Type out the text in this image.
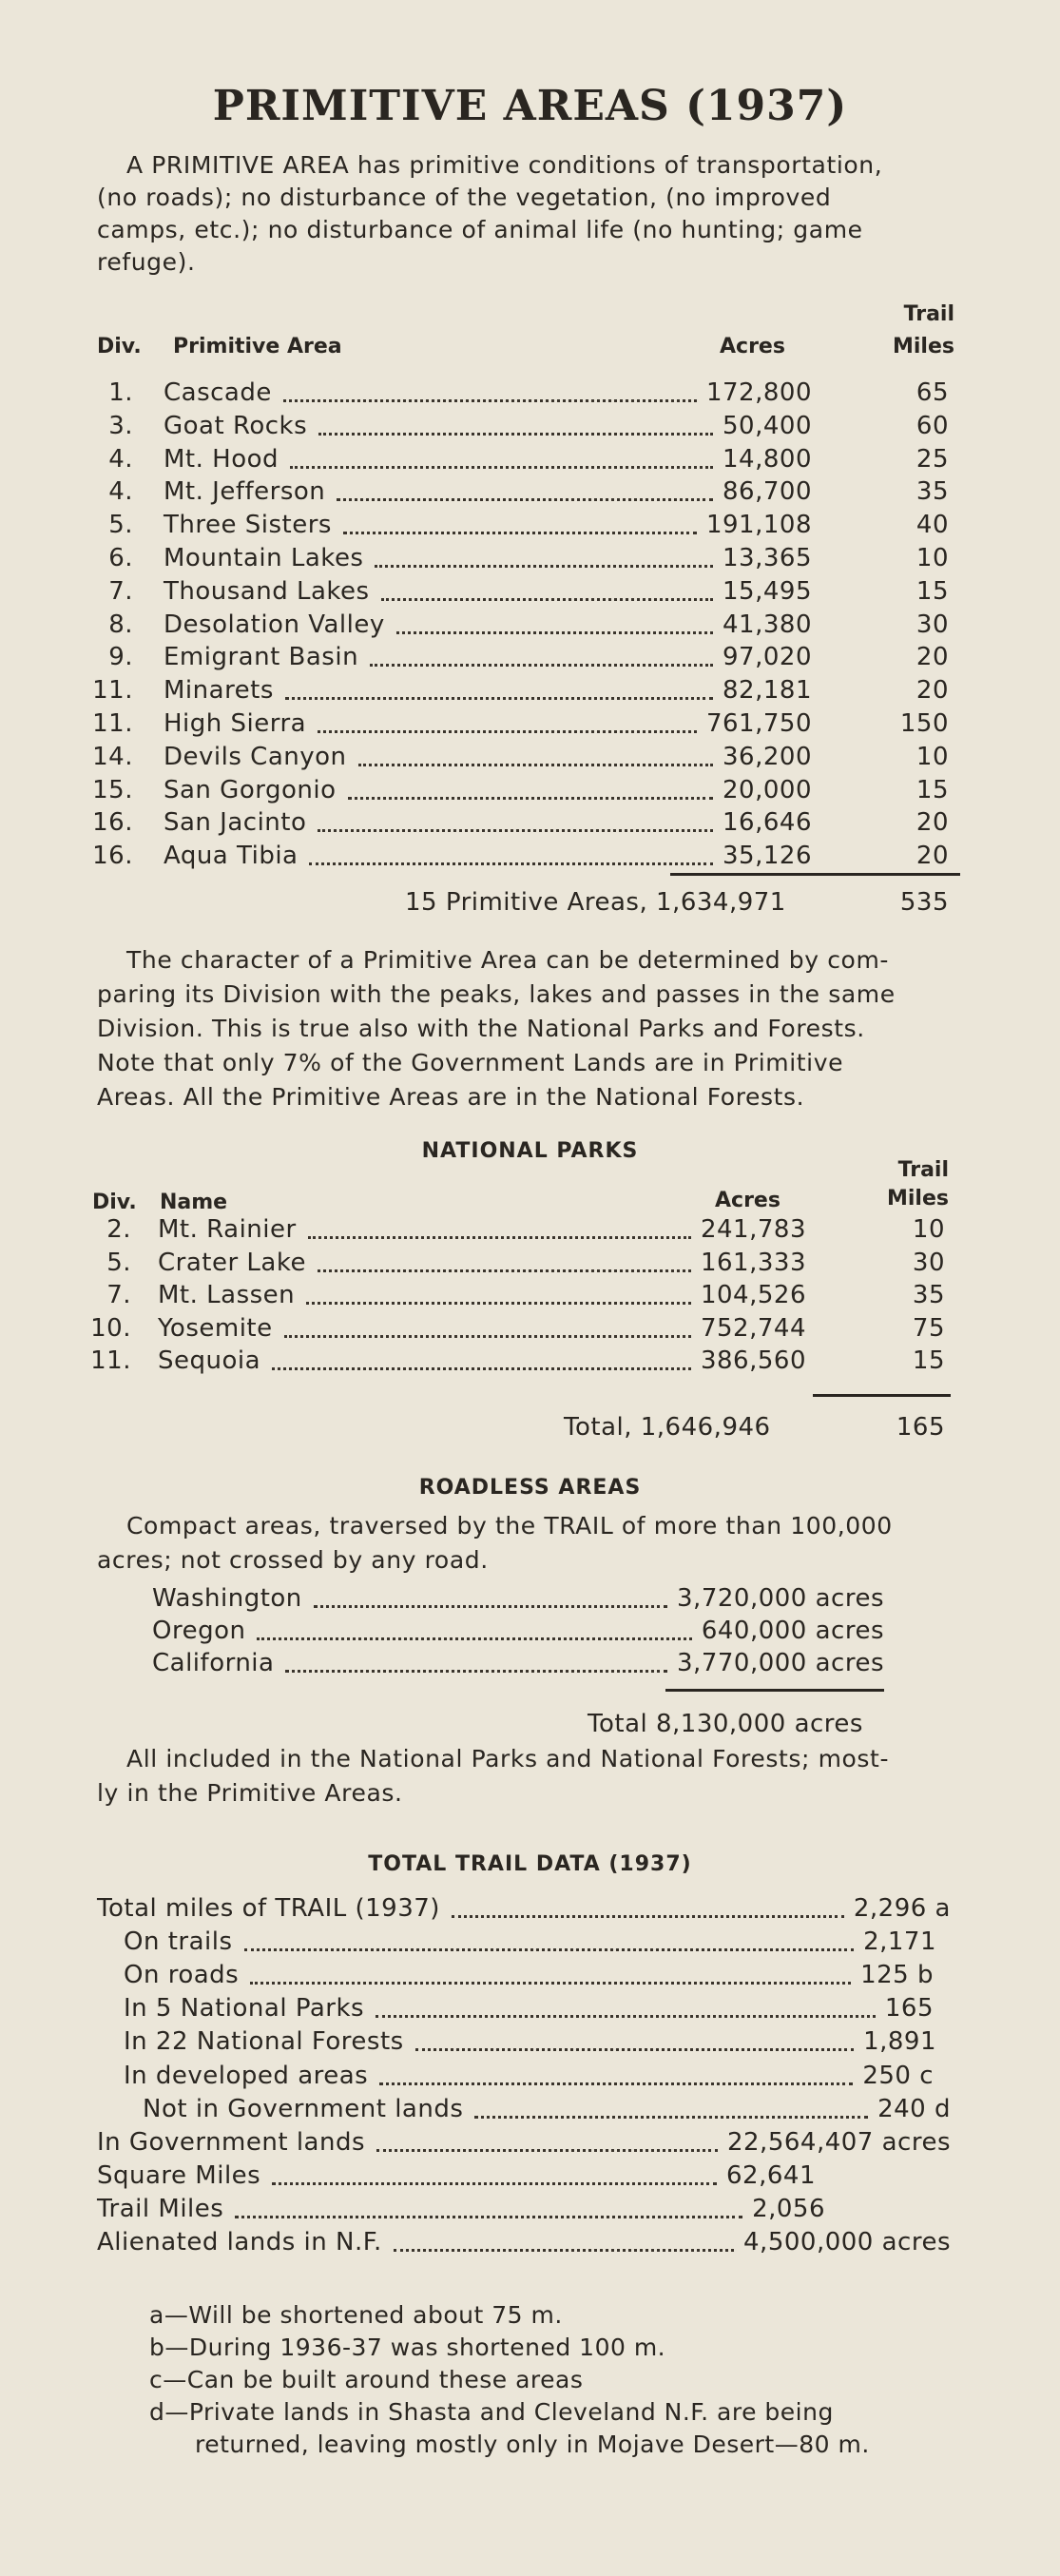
PRIMITIVE AREAS (1937)
A PRIMITIVE AREA has primitive conditions of transportation,
(no roads); no disturbance of the vegetation, (no improved
camps, etc.); no disturbance of animal life (no hunting; game
refuge).
Div. Primitive Area	Acres
Trail
Miles
1. Cascade	172,800	65
3. Goat Rocks	50,400	60
4. Mt. Hood	14,800	25
4. Mt. Jefferson	86,700	35
5. Three Sisters	191,108	40
6. Mountain Lakes	13,365	10
7. Thousand Lakes	15,495	15
8. Desolation Valley	41,380	30
9. Emigrant Basin	97,020	20
11. Minarets	82,181	20
11. High Sierra	761,750	150
14. Devils Canyon	36,200	10
15. San Gorgonio	20,000	15
16. San Jacinto	16,646	20
16. Aqua Tibia	35,126	20
15 Primitive Areas, 1,634,971	535
The character of a Primitive Area can be determined by com-
paring its Division with the peaks, lakes and passes in the same
Division. This is true also with the National Parks and Forests.
Note that only 7% of the Government Lands are in Primitive
Areas. All the Primitive Areas are in the National Forests.
NATIONAL PARKS
Div. Name	Acres
Trail
Miles
2. Mt. Rainier	241,783	10
5. Crater Lake	161,333	30
7. Mt. Lassen	104,526	35
10. Yosemite	752,744	75
11. Sequoia	386,560	15
Total, 1,646,946	165
ROADLESS AREAS
Compact areas, traversed by the TRAIL of more than 100,000
acres; not crossed by any road.
Washington	3,720,000 acres
Oregon	640,000 acres
California	3,770,000 acres
Total 8,130,000 acres
All included in the National Parks and National Forests; most-
ly in the Primitive Areas.
TOTAL TRAIL DATA (1937)
Total miles of TRAIL (1937)	2,296 a
On trails	2,171
On roads	125 b
In 5 National Parks	165
In 22 National Forests	1,891
In developed areas	250 c
Not in Government lands	240 d
In Government lands	22,564,407 acres
Square Miles	62,641
Trail Miles	2,056
Alienated lands in N.F.	4,500,000 acres
a—Will be shortened about 75 m.
b—During 1936-37 was shortened 100 m.
c—Can be built around these areas
d—Private lands in Shasta and Cleveland N.F. are being
returned, leaving mostly only in Mojave Desert—80 m.
